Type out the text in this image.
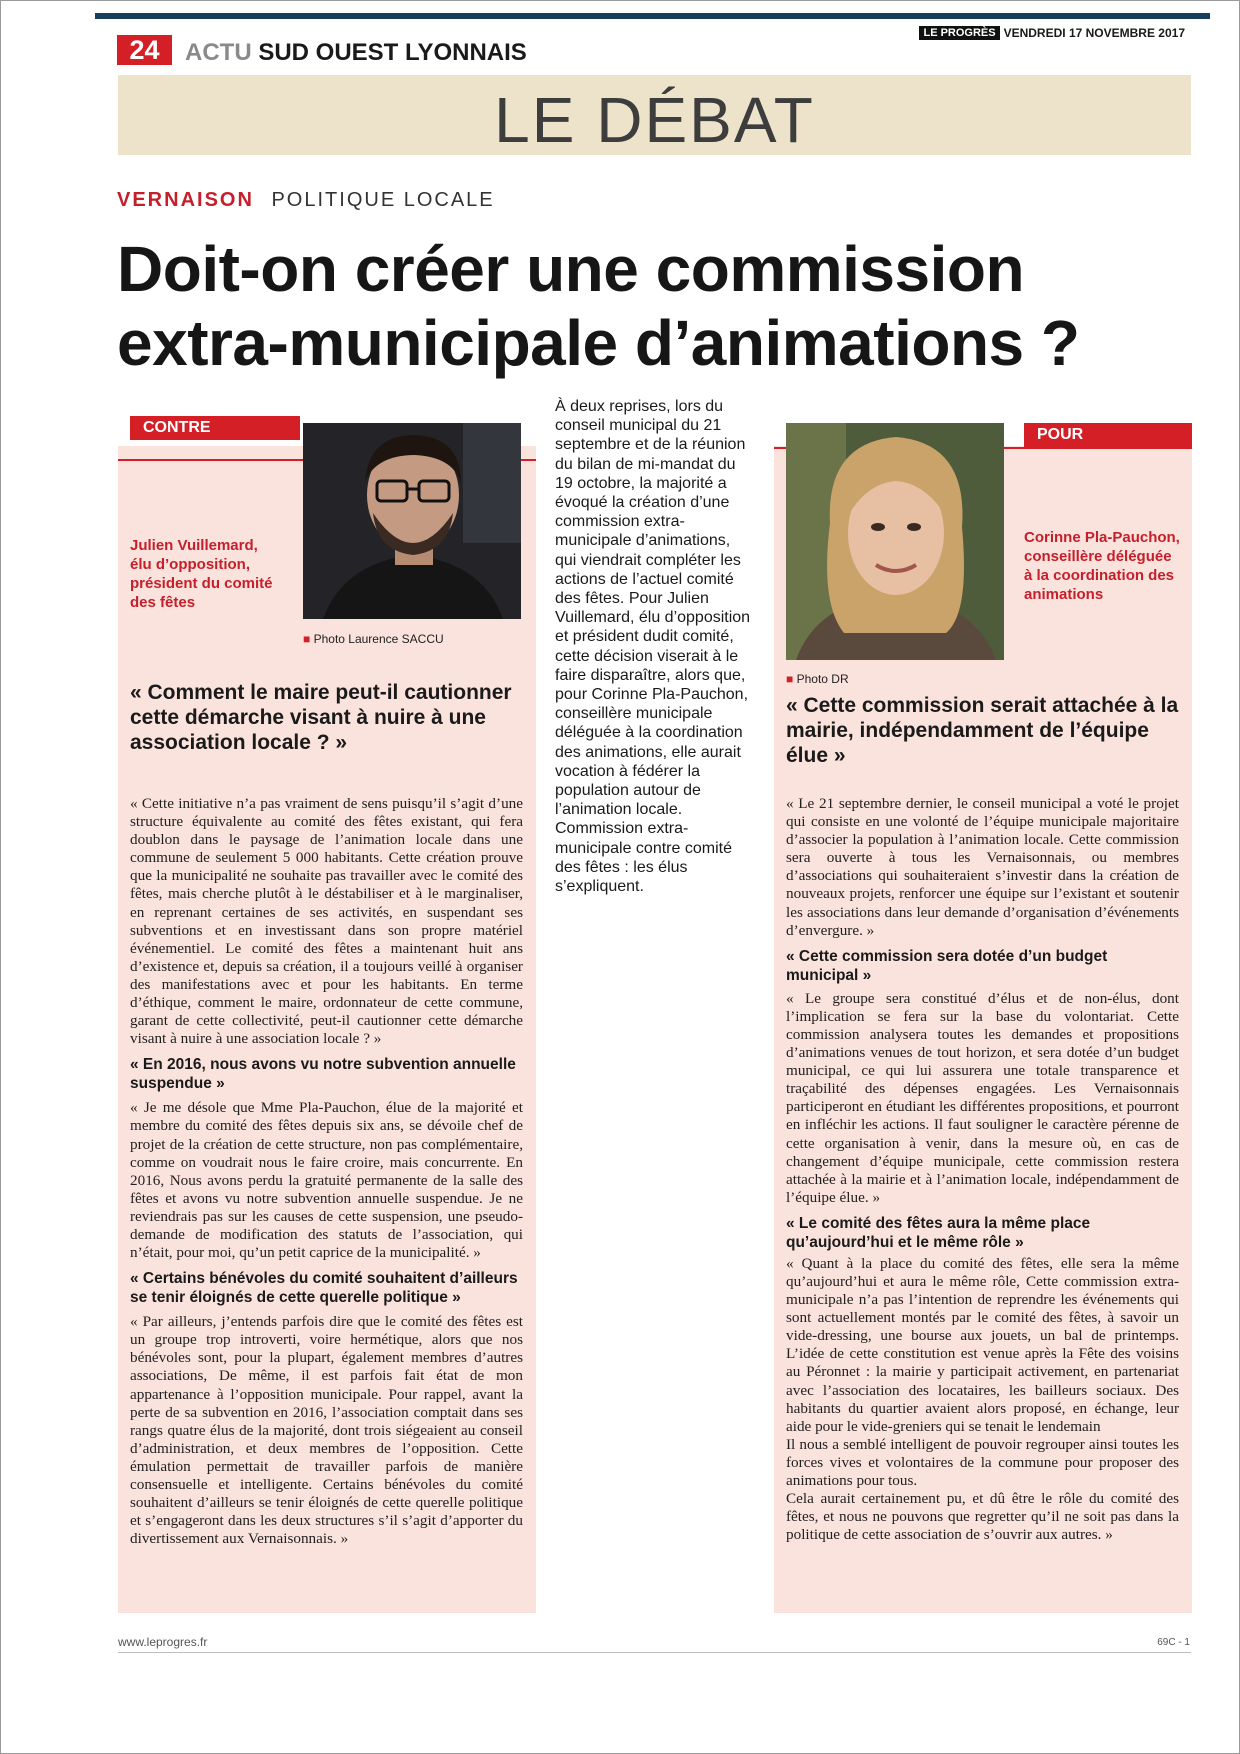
24	ACTU SUD OUEST LYONNAIS
LE PROGRÈS VENDREDI 17 NOVEMBRE 2017
LE DÉBAT
VERNAISON POLITIQUE LOCALE
Doit-on créer une commission extra-municipale d’animations ?
CONTRE
■ Photo Laurence SACCU
Julien Vuillemard, élu d’opposition, président du comité des fêtes
« Comment le maire peut-il cautionner cette démarche visant à nuire à une association locale ? »

« Cette initiative n’a pas vraiment de sens puisqu’il s’agit d’une structure équivalente au comité des fêtes existant, qui fera doublon dans le paysage de l’animation locale dans une commune de seulement 5 000 habitants. Cette création prouve que la municipalité ne souhaite pas travailler avec le comité des fêtes, mais cherche plutôt à le déstabiliser et à le marginaliser, en reprenant certaines de ses activités, en suspendant ses subventions et en investissant dans son propre matériel événementiel. Le comité des fêtes a maintenant huit ans d’existence et, depuis sa création, il a toujours veillé à organiser des manifestations avec et pour les habitants. En terme d’éthique, comment le maire, ordonnateur de cette commune, garant de cette collectivité, peut-il cautionner cette démarche visant à nuire à une association locale ? »

« En 2016, nous avons vu notre subvention annuelle suspendue »

« Je me désole que Mme Pla-Pauchon, élue de la majorité et membre du comité des fêtes depuis six ans, se dévoile chef de projet de la création de cette structure, non pas complémentaire, comme on voudrait nous le faire croire, mais concurrente. En 2016, Nous avons perdu la gratuité permanente de la salle des fêtes et avons vu notre subvention annuelle suspendue. Je ne reviendrais pas sur les causes de cette suspension, une pseudo-demande de modification des statuts de l’association, qui n’était, pour moi, qu’un petit caprice de la municipalité. »

« Certains bénévoles du comité souhaitent d’ailleurs se tenir éloignés de cette querelle politique »

« Par ailleurs, j’entends parfois dire que le comité des fêtes est un groupe trop introverti, voire hermétique, alors que nos bénévoles sont, pour la plupart, également membres d’autres associations, De même, il est parfois fait état de mon appartenance à l’opposition municipale. Pour rappel, avant la perte de sa subvention en 2016, l’association comptait dans ses rangs quatre élus de la majorité, dont trois siégeaient au conseil d’administration, et deux membres de l’opposition. Cette émulation permettait de travailler parfois de manière consensuelle et intelligente. Certains bénévoles du comité souhaitent d’ailleurs se tenir éloignés de cette querelle politique et s’engageront dans les deux structures s’il s’agit d’apporter du divertissement aux Vernaisonnais. »

À deux reprises, lors du conseil municipal du 21 septembre et de la réunion du bilan de mi-mandat du 19 octobre, la majorité a évoqué la création d’une commission extra-municipale d’animations, qui viendrait compléter les actions de l’actuel comité des fêtes. Pour Julien Vuillemard, élu d’opposition et président dudit comité, cette décision viserait à le faire disparaître, alors que, pour Corinne Pla-Pauchon, conseillère municipale déléguée à la coordination des animations, elle aurait vocation à fédérer la population autour de l’animation locale. Commission extra-municipale contre comité des fêtes : les élus s’expliquent.
POUR
■ Photo DR
Corinne Pla-Pauchon, conseillère déléguée à la coordination des animations
« Cette commission serait attachée à la mairie, indépendamment de l’équipe élue »

« Le 21 septembre dernier, le conseil municipal a voté le projet qui consiste en une volonté de l’équipe municipale majoritaire d’associer la population à l’animation locale. Cette commission sera ouverte à tous les Vernaisonnais, ou membres d’associations qui souhaiteraient s’investir dans la création de nouveaux projets, renforcer une équipe sur l’existant et soutenir les associations dans leur demande d’organisation d’événements d’envergure. »

« Cette commission sera dotée d’un budget municipal »

« Le groupe sera constitué d’élus et de non-élus, dont l’implication se fera sur la base du volontariat. Cette commission analysera toutes les demandes et propositions d’animations venues de tout horizon, et sera dotée d’un budget municipal, ce qui lui assurera une totale transparence et traçabilité des dépenses engagées. Les Vernaisonnais participeront en étudiant les différentes propositions, et pourront en infléchir les actions. Il faut souligner le caractère pérenne de cette organisation à venir, dans la mesure où, en cas de changement d’équipe municipale, cette commission restera attachée à la mairie et à l’animation locale, indépendamment de l’équipe élue. »

« Le comité des fêtes aura la même place qu’aujourd’hui et le même rôle »

« Quant à la place du comité des fêtes, elle sera la même qu’aujourd’hui et aura le même rôle, Cette commission extra-municipale n’a pas l’intention de reprendre les événements qui sont actuellement montés par le comité des fêtes, à savoir un vide-dressing, une bourse aux jouets, un bal de printemps. L’idée de cette constitution est venue après la Fête des voisins au Péronnet : la mairie y participait activement, en partenariat avec l’association des locataires, les bailleurs sociaux. Des habitants du quartier avaient alors proposé, en échange, leur aide pour le vide-greniers qui se tenait le lendemain

Il nous a semblé intelligent de pouvoir regrouper ainsi toutes les forces vives et volontaires de la commune pour proposer des animations pour tous.

Cela aurait certainement pu, et dû être le rôle du comité des fêtes, et nous ne pouvons que regretter qu’il ne soit pas dans la politique de cette association de s’ouvrir aux autres. »

www.leprogres.fr	69C - 1
